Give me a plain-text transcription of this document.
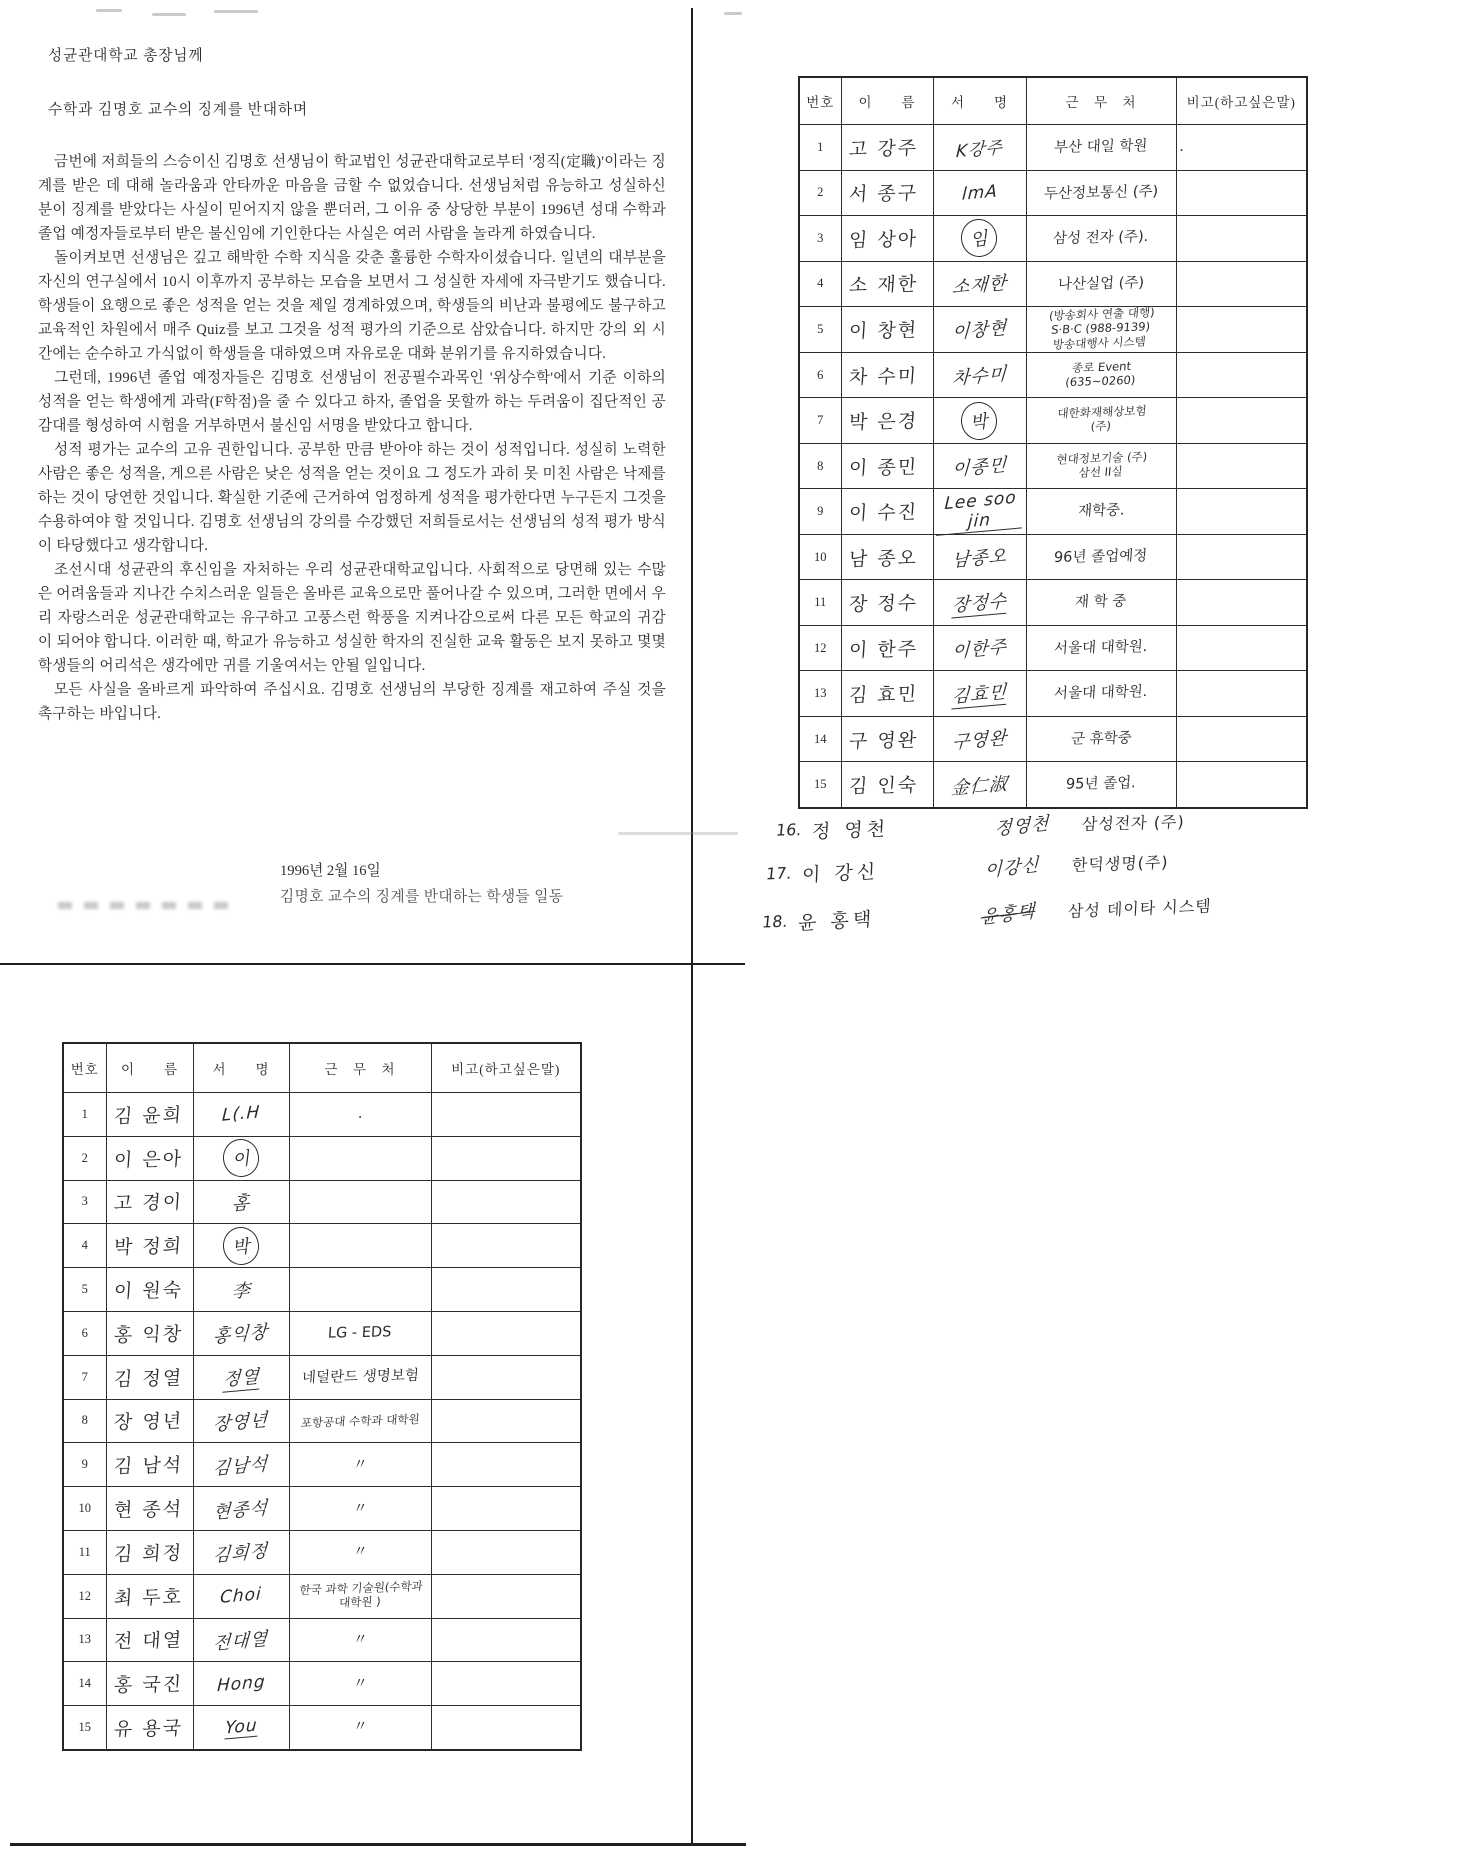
성균관대학교 총장님께

수학과 김명호 교수의 징계를 반대하며

금번에 저희들의 스승이신 김명호 선생님이 학교법인 성균관대학교로부터 '정직(定職)'이라는 징계를 받은 데 대해 놀라움과 안타까운 마음을 금할 수 없었습니다. 선생님처럼 유능하고 성실하신 분이 징계를 받았다는 사실이 믿어지지 않을 뿐더러, 그 이유 중 상당한 부분이 1996년 성대 수학과 졸업 예정자들로부터 받은 불신임에 기인한다는 사실은 여러 사람을 놀라게 하였습니다.

돌이켜보면 선생님은 깊고 해박한 수학 지식을 갖춘 훌륭한 수학자이셨습니다. 일년의 대부분을 자신의 연구실에서 10시 이후까지 공부하는 모습을 보면서 그 성실한 자세에 자극받기도 했습니다. 학생들이 요행으로 좋은 성적을 얻는 것을 제일 경계하였으며, 학생들의 비난과 불평에도 불구하고 교육적인 차원에서 매주 Quiz를 보고 그것을 성적 평가의 기준으로 삼았습니다. 하지만 강의 외 시간에는 순수하고 가식없이 학생들을 대하였으며 자유로운 대화 분위기를 유지하였습니다.

그런데, 1996년 졸업 예정자들은 김명호 선생님이 전공필수과목인 '위상수학'에서 기준 이하의 성적을 얻는 학생에게 과락(F학점)을 줄 수 있다고 하자, 졸업을 못할까 하는 두려움이 집단적인 공감대를 형성하여 시험을 거부하면서 불신임 서명을 받았다고 합니다.

성적 평가는 교수의 고유 권한입니다. 공부한 만큼 받아야 하는 것이 성적입니다. 성실히 노력한 사람은 좋은 성적을, 게으른 사람은 낮은 성적을 얻는 것이요 그 정도가 과히 못 미친 사람은 낙제를 하는 것이 당연한 것입니다. 확실한 기준에 근거하여 엄정하게 성적을 평가한다면 누구든지 그것을 수용하여야 할 것입니다. 김명호 선생님의 강의를 수강했던 저희들로서는 선생님의 성적 평가 방식이 타당했다고 생각합니다.

조선시대 성균관의 후신임을 자처하는 우리 성균관대학교입니다. 사회적으로 당면해 있는 수많은 어려움들과 지나간 수치스러운 일들은 올바른 교육으로만 풀어나갈 수 있으며, 그러한 면에서 우리 자랑스러운 성균관대학교는 유구하고 고풍스런 학풍을 지켜나감으로써 다른 모든 학교의 귀감이 되어야 합니다. 이러한 때, 학교가 유능하고 성실한 학자의 진실한 교육 활동은 보지 못하고 몇몇 학생들의 어리석은 생각에만 귀를 기울여서는 안될 일입니다.

모든 사실을 올바르게 파악하여 주십시요. 김명호 선생님의 부당한 징계를 재고하여 주실 것을 촉구하는 바입니다.

1996년 2월 16일
김명호 교수의 징계를 반대하는 학생들 일동
번호	이　　름	서　　명	근　무　처	비고(하고싶은말)
1	고 강주	K강주	부산 대일 학원	.
2	서 종구	lmA	두산정보통신 (주)	
3	임 상아	임	삼성 전자 (주).	
4	소 재한	소재한	나산실업 (주)	
5	이 창현	이창현	(방송회사 연출 대행)
S·B·C (988-9139)
방송대행사 시스템	
6	차 수미	차수미	종로 Event
(635~0260)	
7	박 은경	박	대한화재해상보험
(주)	
8	이 종민	이종민	현대정보기술 (주)
삼선 II실	
9	이 수진	Lee soo jin	재학중.	
10	남 종오	남종오	96년 졸업예정	
11	장 정수	장정수	재 학 중	
12	이 한주	이한주	서울대 대학원.	
13	김 효민	김효민	서울대 대학원.	
14	구 영완	구영완	군 휴학중	
15	김 인숙	金仁淑	95년 졸업.	
16. 정 영천	정영천	삼성전자 (주)
17. 이 강신	이강신	한덕생명(주)
18. 윤 홍택	윤홍택	삼성 데이타 시스템
번호	이　　름	서　　명	근　무　처	비고(하고싶은말)
1	김 윤희	L(.H	.	
2	이 은아	이		
3	고 경이	홈		
4	박 정희	박		
5	이 원숙	李		
6	홍 익창	홍익창	LG - EDS	
7	김 정열	정열	네덜란드 생명보험	
8	장 영년	장영년	포항공대 수학과 대학원	
9	김 남석	김남석	〃	
10	현 종석	현종석	〃	
11	김 희정	김희정	〃	
12	최 두호	Choi	한국 과학 기술원(수학과 대학원 )	
13	전 대열	전대열	〃	
14	홍 국진	Hong	〃	
15	유 용국	You	〃	
